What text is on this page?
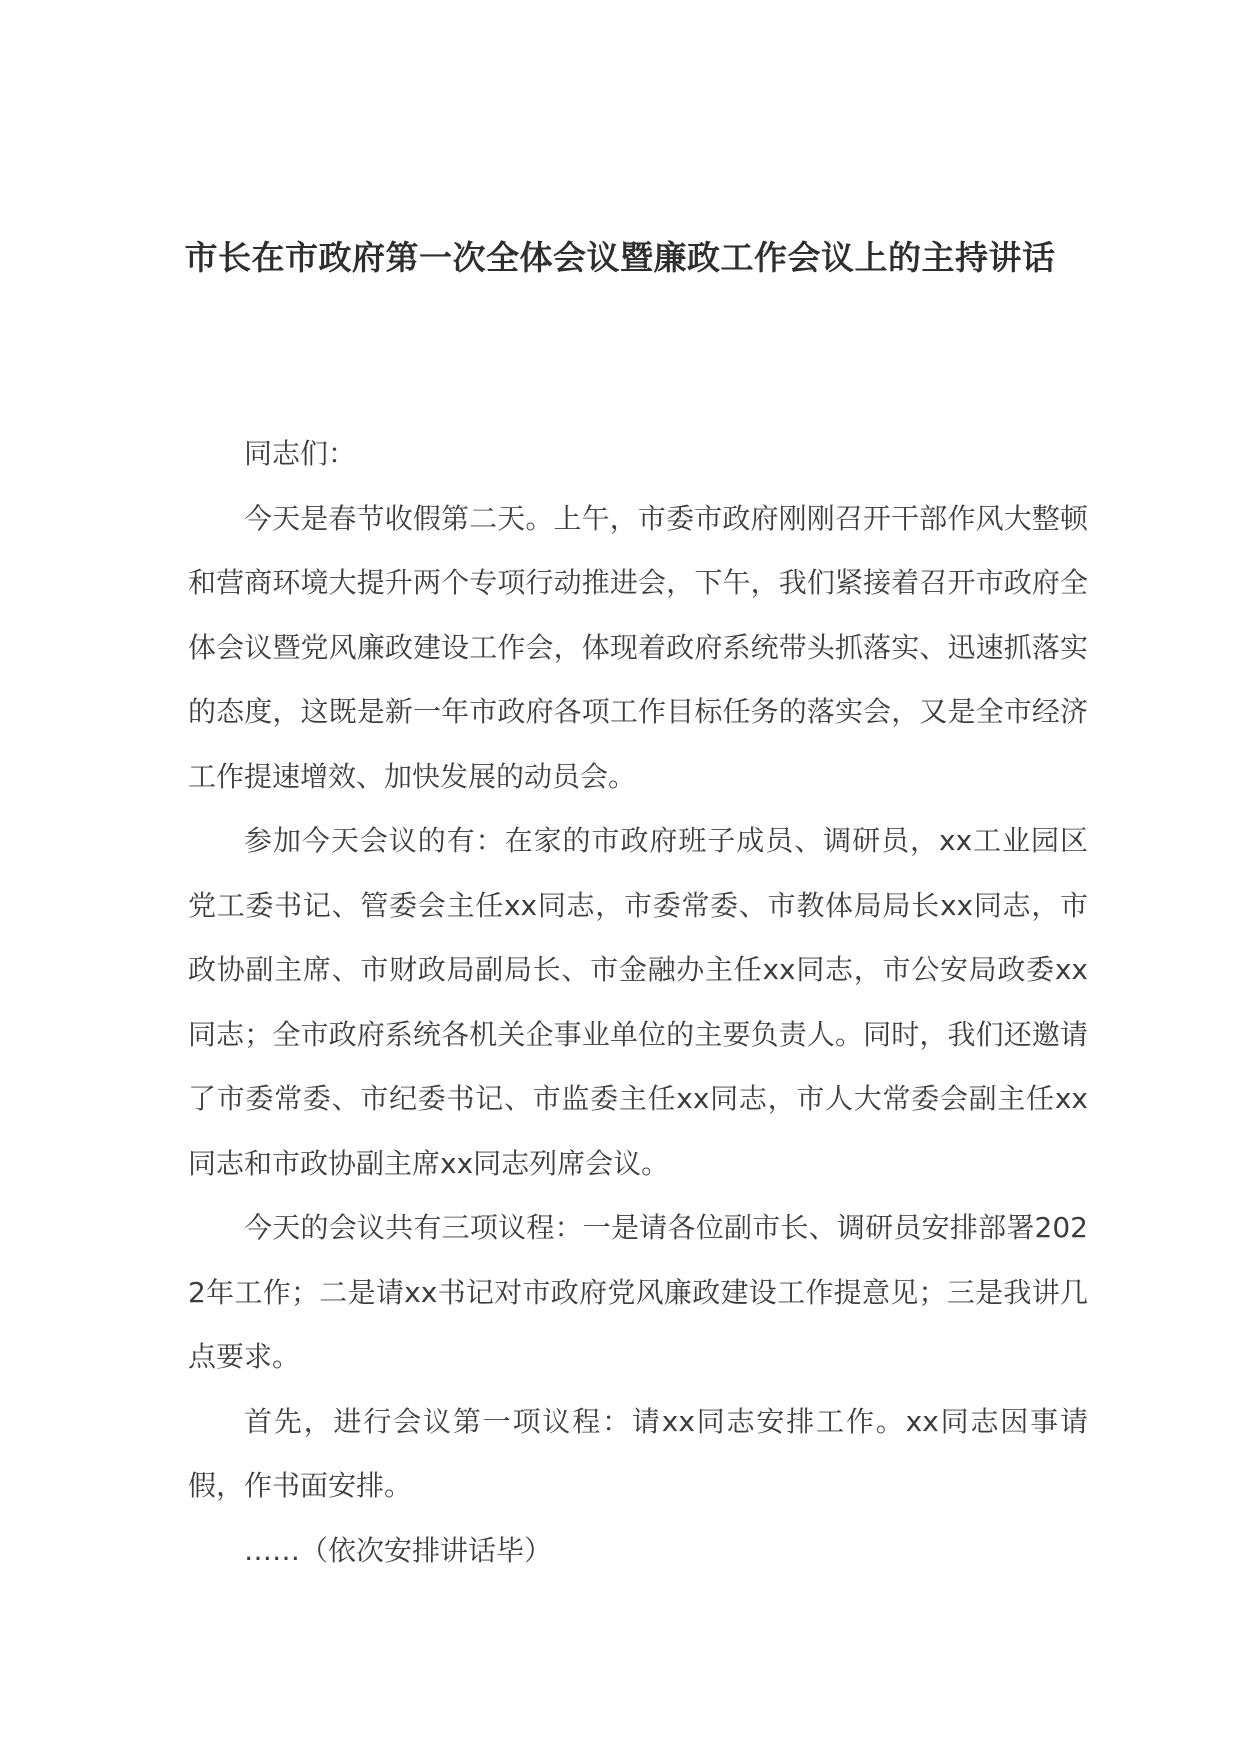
市长在市政府第一次全体会议暨廉政工作会议上的主持讲话

同志们：

今天是春节收假第二天。上午，市委市政府刚刚召开干部作风大整顿和营商环境大提升两个专项行动推进会，下午，我们紧接着召开市政府全体会议暨党风廉政建设工作会，体现着政府系统带头抓落实、迅速抓落实的态度，这既是新一年市政府各项工作目标任务的落实会，又是全市经济工作提速增效、加快发展的动员会。

参加今天会议的有：在家的市政府班子成员、调研员，xx工业园区党工委书记、管委会主任xx同志，市委常委、市教体局局长xx同志，市政协副主席、市财政局副局长、市金融办主任xx同志，市公安局政委xx同志；全市政府系统各机关企事业单位的主要负责人。同时，我们还邀请了市委常委、市纪委书记、市监委主任xx同志，市人大常委会副主任xx同志和市政协副主席xx同志列席会议。

今天的会议共有三项议程：一是请各位副市长、调研员安排部署2022年工作；二是请xx书记对市政府党风廉政建设工作提意见；三是我讲几点要求。

首先，进行会议第一项议程：请xx同志安排工作。xx同志因事请假，作书面安排。

……（依次安排讲话毕）
